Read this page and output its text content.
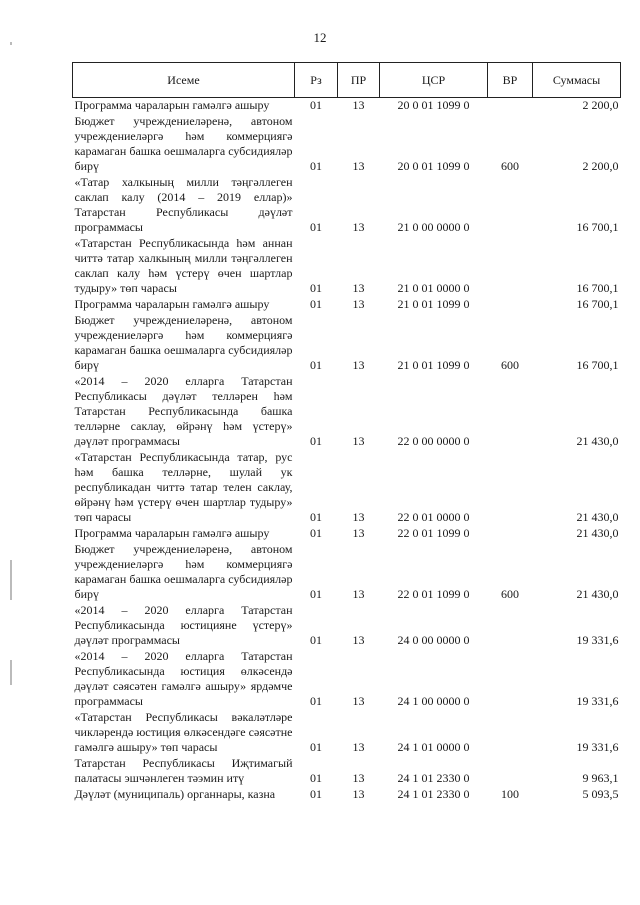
12
Исеме	Рз	ПР	ЦСР	ВР	Суммасы
Программа чараларын гамәлгә ашыру	01	13	20 0 01 1099 0		2 200,0
Бюджет учреждениеләренә, автоном учреждениеләргә һәм коммерциягә карамаган башка оешмаларга субсидияләр бирү	01	13	20 0 01 1099 0	600	2 200,0
«Татар халкының милли тәңгәллеген саклап калу (2014 – 2019 еллар)» Татарстан Республикасы дәүләт программасы	01	13	21 0 00 0000 0		16 700,1
«Татарстан Республикасында һәм аннан читтә татар халкының милли тәңгәллеген саклап калу һәм үстерү өчен шартлар тудыру» төп чарасы	01	13	21 0 01 0000 0		16 700,1
Программа чараларын гамәлгә ашыру	01	13	21 0 01 1099 0		16 700,1
Бюджет учреждениеләренә, автоном учреждениеләргә һәм коммерциягә карамаган башка оешмаларга субсидияләр бирү	01	13	21 0 01 1099 0	600	16 700,1
«2014 – 2020 елларга Татарстан Республикасы дәүләт телләрен һәм Татарстан Республикасында башка телләрне саклау, өйрәнү һәм үстерү» дәүләт программасы	01	13	22 0 00 0000 0		21 430,0
«Татарстан Республикасында татар, рус һәм башка телләрне, шулай ук республикадан читтә татар телен саклау, өйрәнү һәм үстерү өчен шартлар тудыру» төп чарасы	01	13	22 0 01 0000 0		21 430,0
Программа чараларын гамәлгә ашыру	01	13	22 0 01 1099 0		21 430,0
Бюджет учреждениеләренә, автоном учреждениеләргә һәм коммерциягә карамаган башка оешмаларга субсидияләр бирү	01	13	22 0 01 1099 0	600	21 430,0
«2014 – 2020 елларга Татарстан Республикасында юстицияне үстерү» дәүләт программасы	01	13	24 0 00 0000 0		19 331,6
«2014 – 2020 елларга Татарстан Республикасында юстиция өлкәсендә дәүләт сәясәтен гамәлгә ашыру» ярдәмче программасы	01	13	24 1 00 0000 0		19 331,6
«Татарстан Республикасы вәкаләтләре чикләрендә юстиция өлкәсендәге сәясәтне гамәлгә ашыру» төп чарасы	01	13	24 1 01 0000 0		19 331,6
Татарстан Республикасы Иҗтимагый палатасы эшчәнлеген тәэмин итү	01	13	24 1 01 2330 0		9 963,1
Дәүләт (муниципаль) органнары, казна	01	13	24 1 01 2330 0	100	5 093,5
